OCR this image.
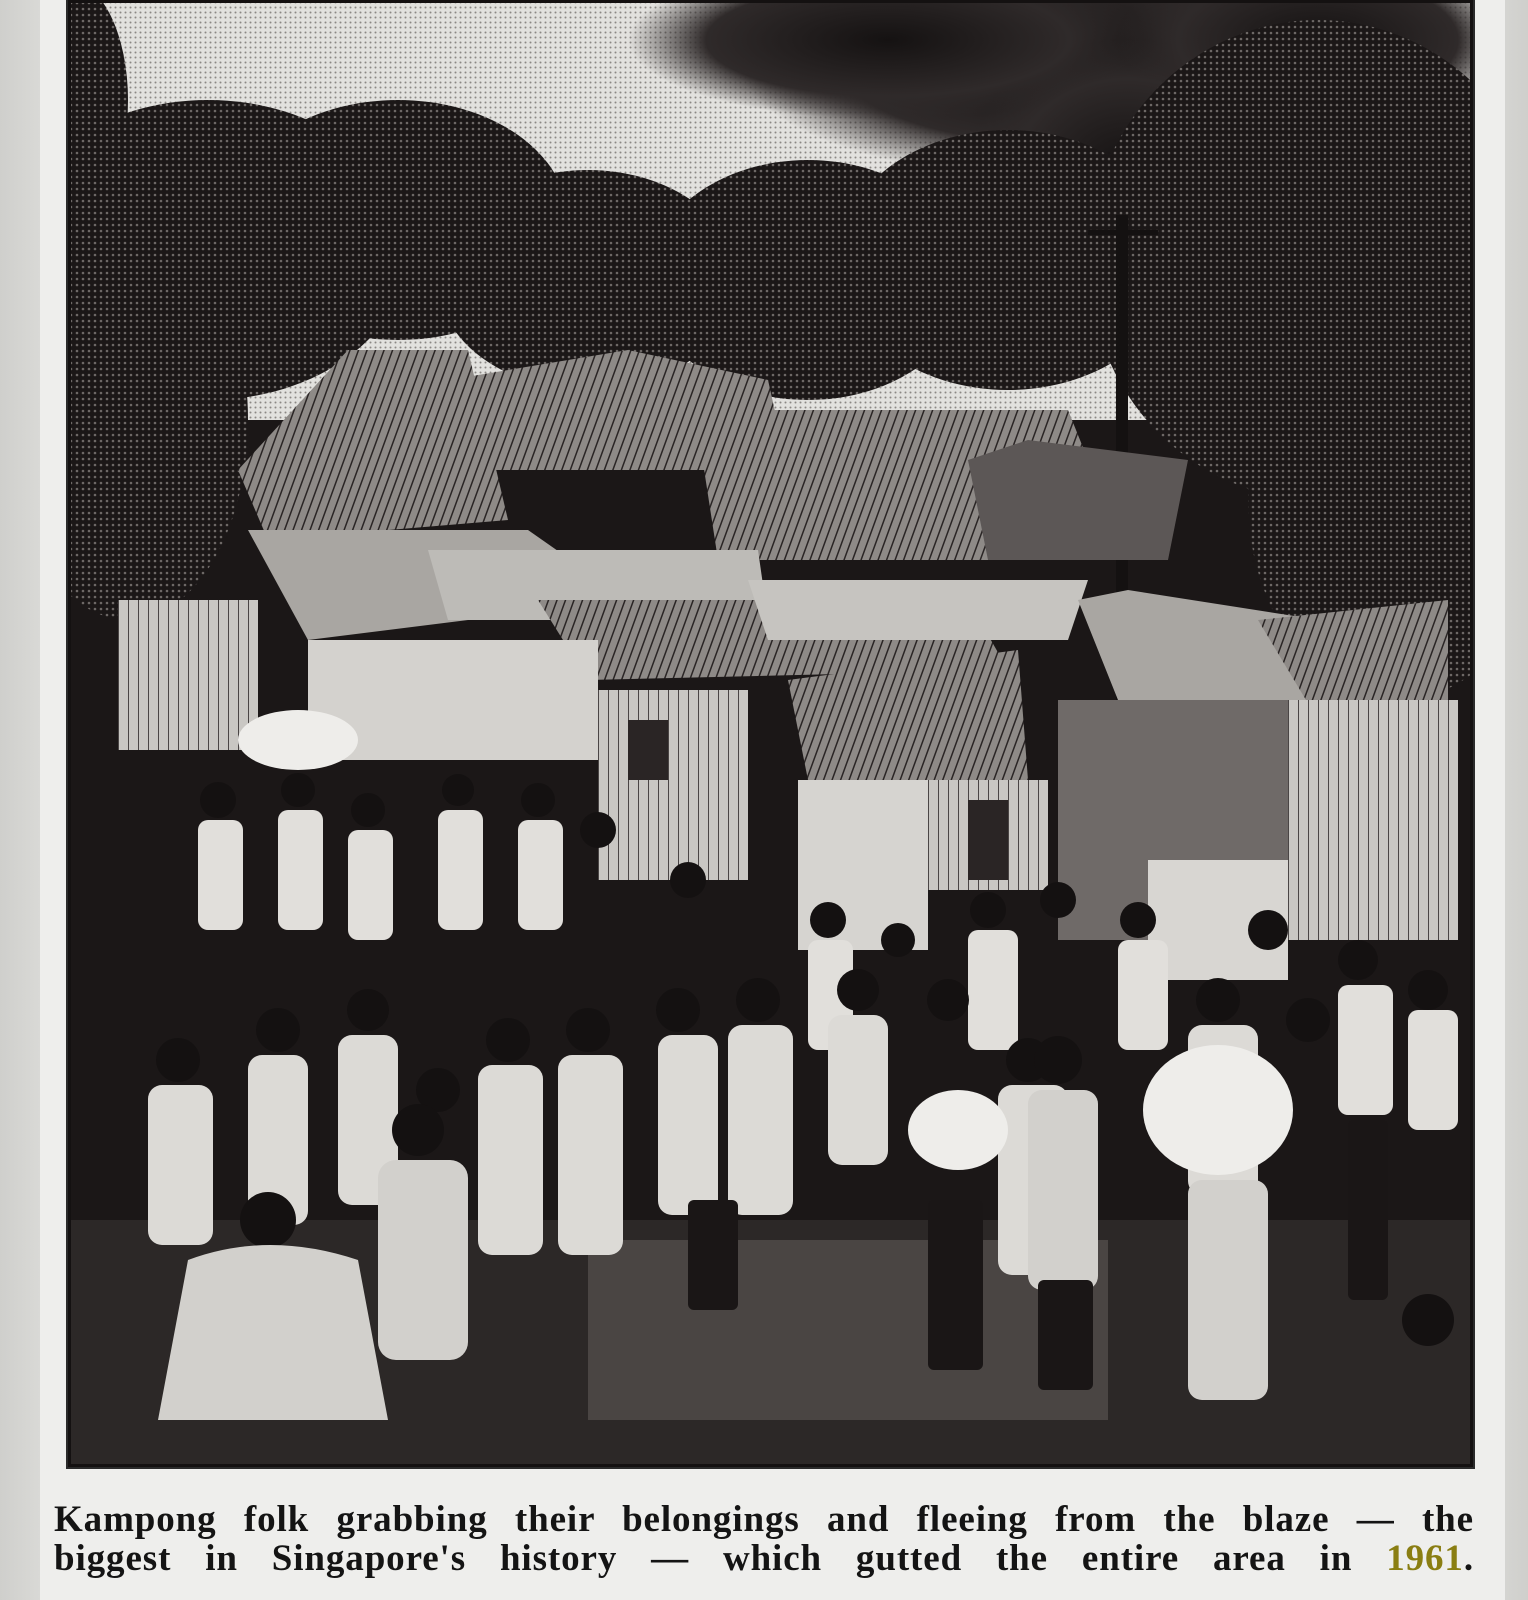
Kampong folk grabbing their belongings and fleeing from the blaze — the
biggest in Singapore's history — which gutted the entire area in 1961.
